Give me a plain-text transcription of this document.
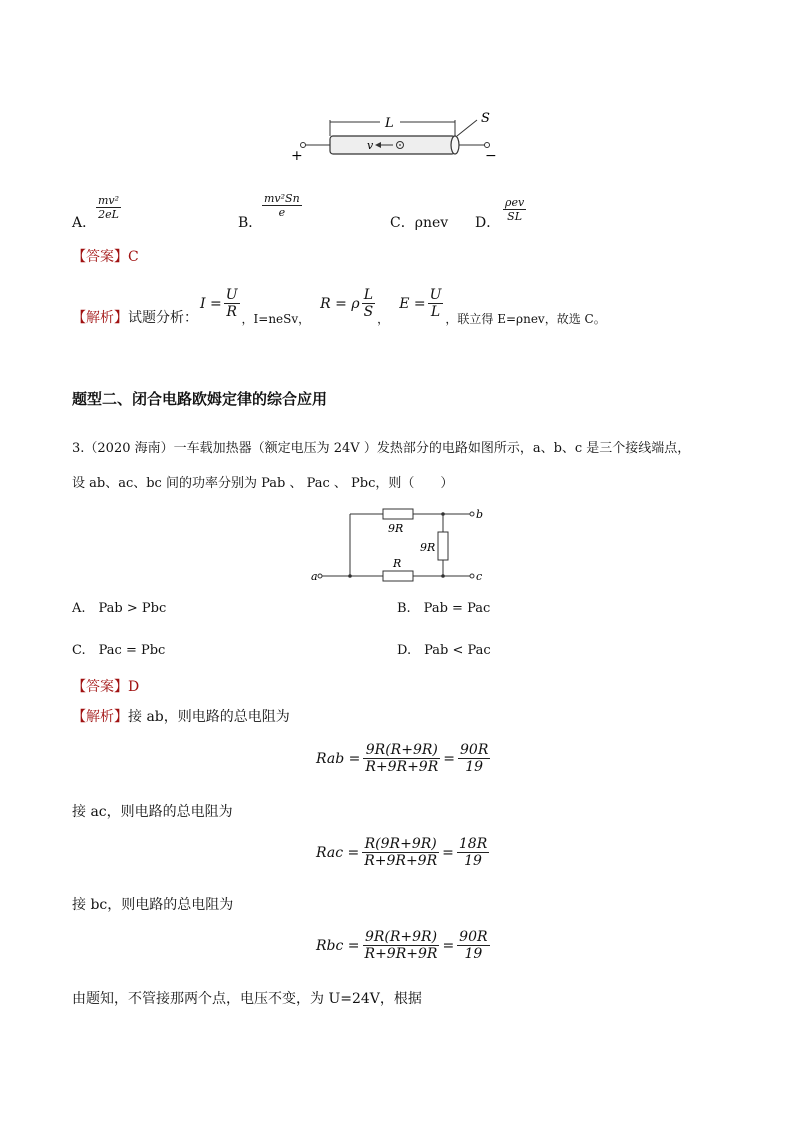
L	S
v
+	−
A．
$\frac{\text{mv²}}{2eL}$
B．
$\frac{\text{mv²Sn}}{e}$
C．ρnev D． $\frac{\text{ρev}}{SL}$
【答案】C
【解析】试题分析：
$I = \frac{U}{R}$ ，I=neSv，
R = ρ $\frac{L}{S}$ ，
$E = \frac{U}{L}$ ，联立得 E=ρnev，故选 C。
题型二、闭合电路欧姆定律的综合应用
3.（2020 海南）一车载加热器（额定电压为 24V ）发热部分的电路如图所示，a、b、c 是三个接线端点，
设 ab、ac、bc 间的功率分别为 Pab 、 Pac 、 Pbc，则（　　）
b
9R
9R
R
a	c
A.　Pab > Pbc	B.　Pab = Pac
C.　Pac = Pbc	D.　Pab < Pac
【答案】D
【解析】接 ab，则电路的总电阻为
Rab = $\frac{9R(R+9R)}{R+9R+9R} = \frac{90R}{19}$
接 ac，则电路的总电阻为
Rac = $\frac{R(9R+9R)}{R+9R+9R} = \frac{18R}{19}$
接 bc，则电路的总电阻为
Rbc = $\frac{9R(R+9R)}{R+9R+9R} = \frac{90R}{19}$
由题知，不管接那两个点，电压不变，为 U=24V，根据
